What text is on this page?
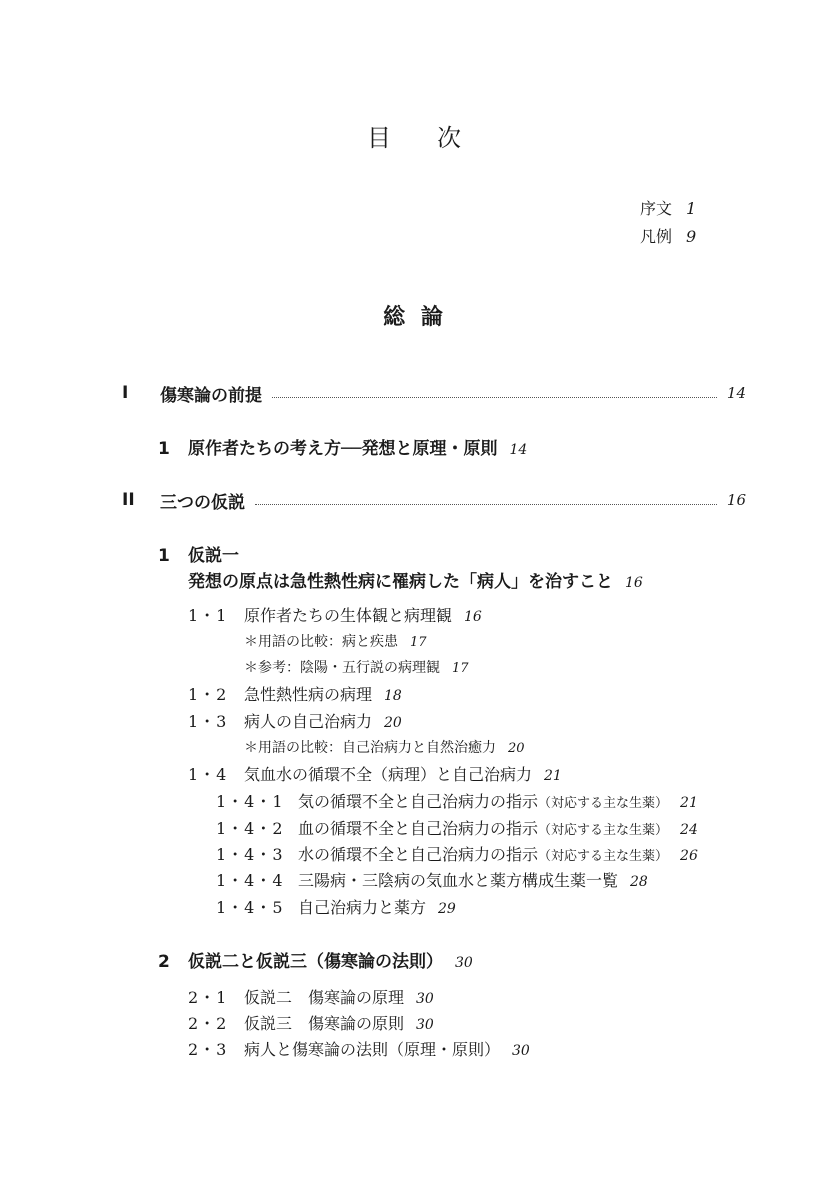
目 次
序文 1
凡例 9
総 論
I	傷寒論の前提	14
1 原作者たちの考え方──発想と原理・原則 14
II	三つの仮説	16
1 仮説一
発想の原点は急性熱性病に罹病した「病人」を治すこと 16
1・1 原作者たちの生体観と病理観 16
＊用語の比較：病と疾患 17
＊参考：陰陽・五行説の病理観 17
1・2 急性熱性病の病理 18
1・3 病人の自己治病力 20
＊用語の比較：自己治病力と自然治癒力 20
1・4 気血水の循環不全（病理）と自己治病力 21
1・4・1 気の循環不全と自己治病力の指示（対応する主な生薬） 21
1・4・2 血の循環不全と自己治病力の指示（対応する主な生薬） 24
1・4・3 水の循環不全と自己治病力の指示（対応する主な生薬） 26
1・4・4 三陽病・三陰病の気血水と薬方構成生薬一覧 28
1・4・5 自己治病力と薬方 29
2 仮説二と仮説三（傷寒論の法則） 30
2・1 仮説二　傷寒論の原理 30
2・2 仮説三　傷寒論の原則 30
2・3 病人と傷寒論の法則（原理・原則） 30
